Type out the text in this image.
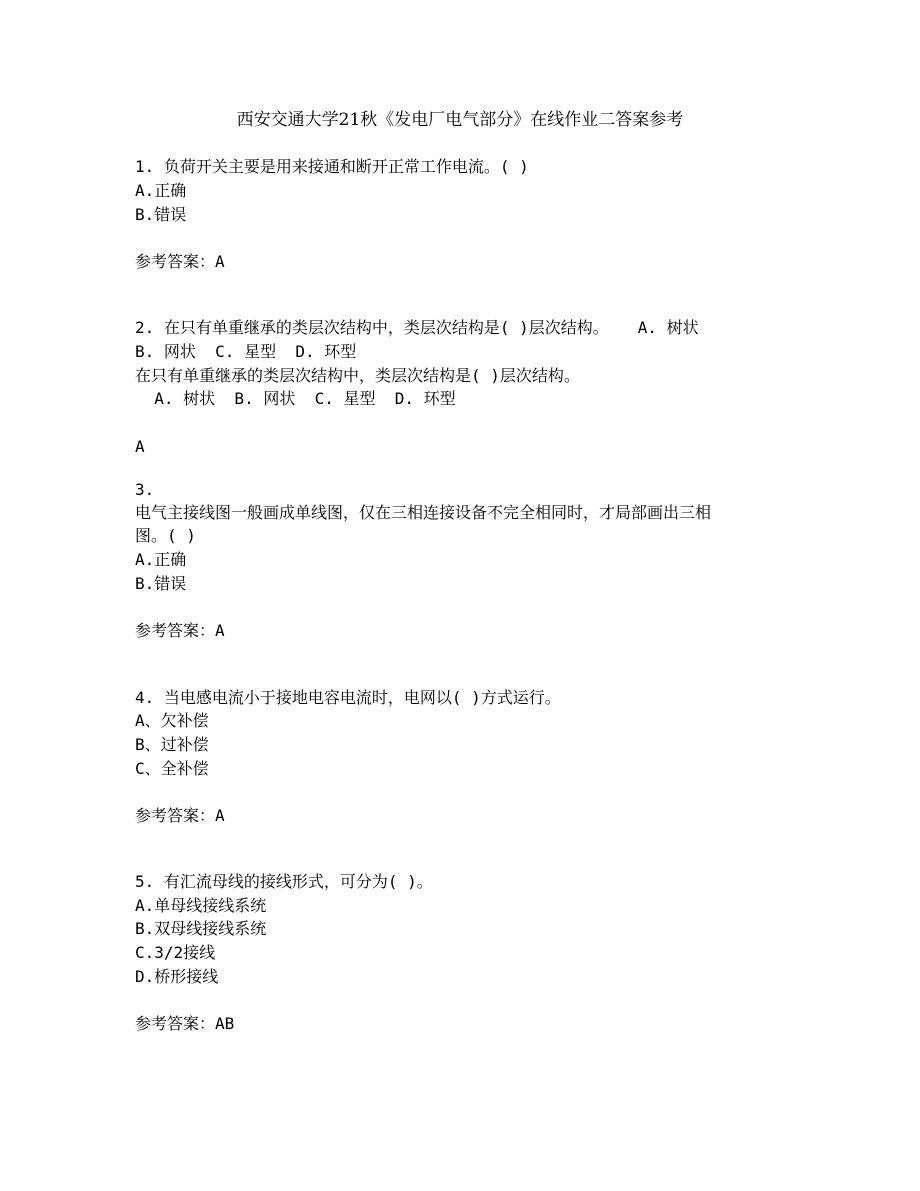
西安交通大学21秋《发电厂电气部分》在线作业二答案参考
1. 负荷开关主要是用来接通和断开正常工作电流。( )
A.正确
B.错误
参考答案：A
2. 在只有单重继承的类层次结构中，类层次结构是( )层次结构。   A. 树状
B. 网状  C. 星型  D. 环型
在只有单重继承的类层次结构中，类层次结构是( )层次结构。
A. 树状  B. 网状  C. 星型  D. 环型
A
3.
电气主接线图一般画成单线图，仅在三相连接设备不完全相同时，才局部画出三相
图。( )
A.正确
B.错误
参考答案：A
4. 当电感电流小于接地电容电流时，电网以( )方式运行。
A、欠补偿
B、过补偿
C、全补偿
参考答案：A
5. 有汇流母线的接线形式，可分为( )。
A.单母线接线系统
B.双母线接线系统
C.3/2接线
D.桥形接线
参考答案：AB
